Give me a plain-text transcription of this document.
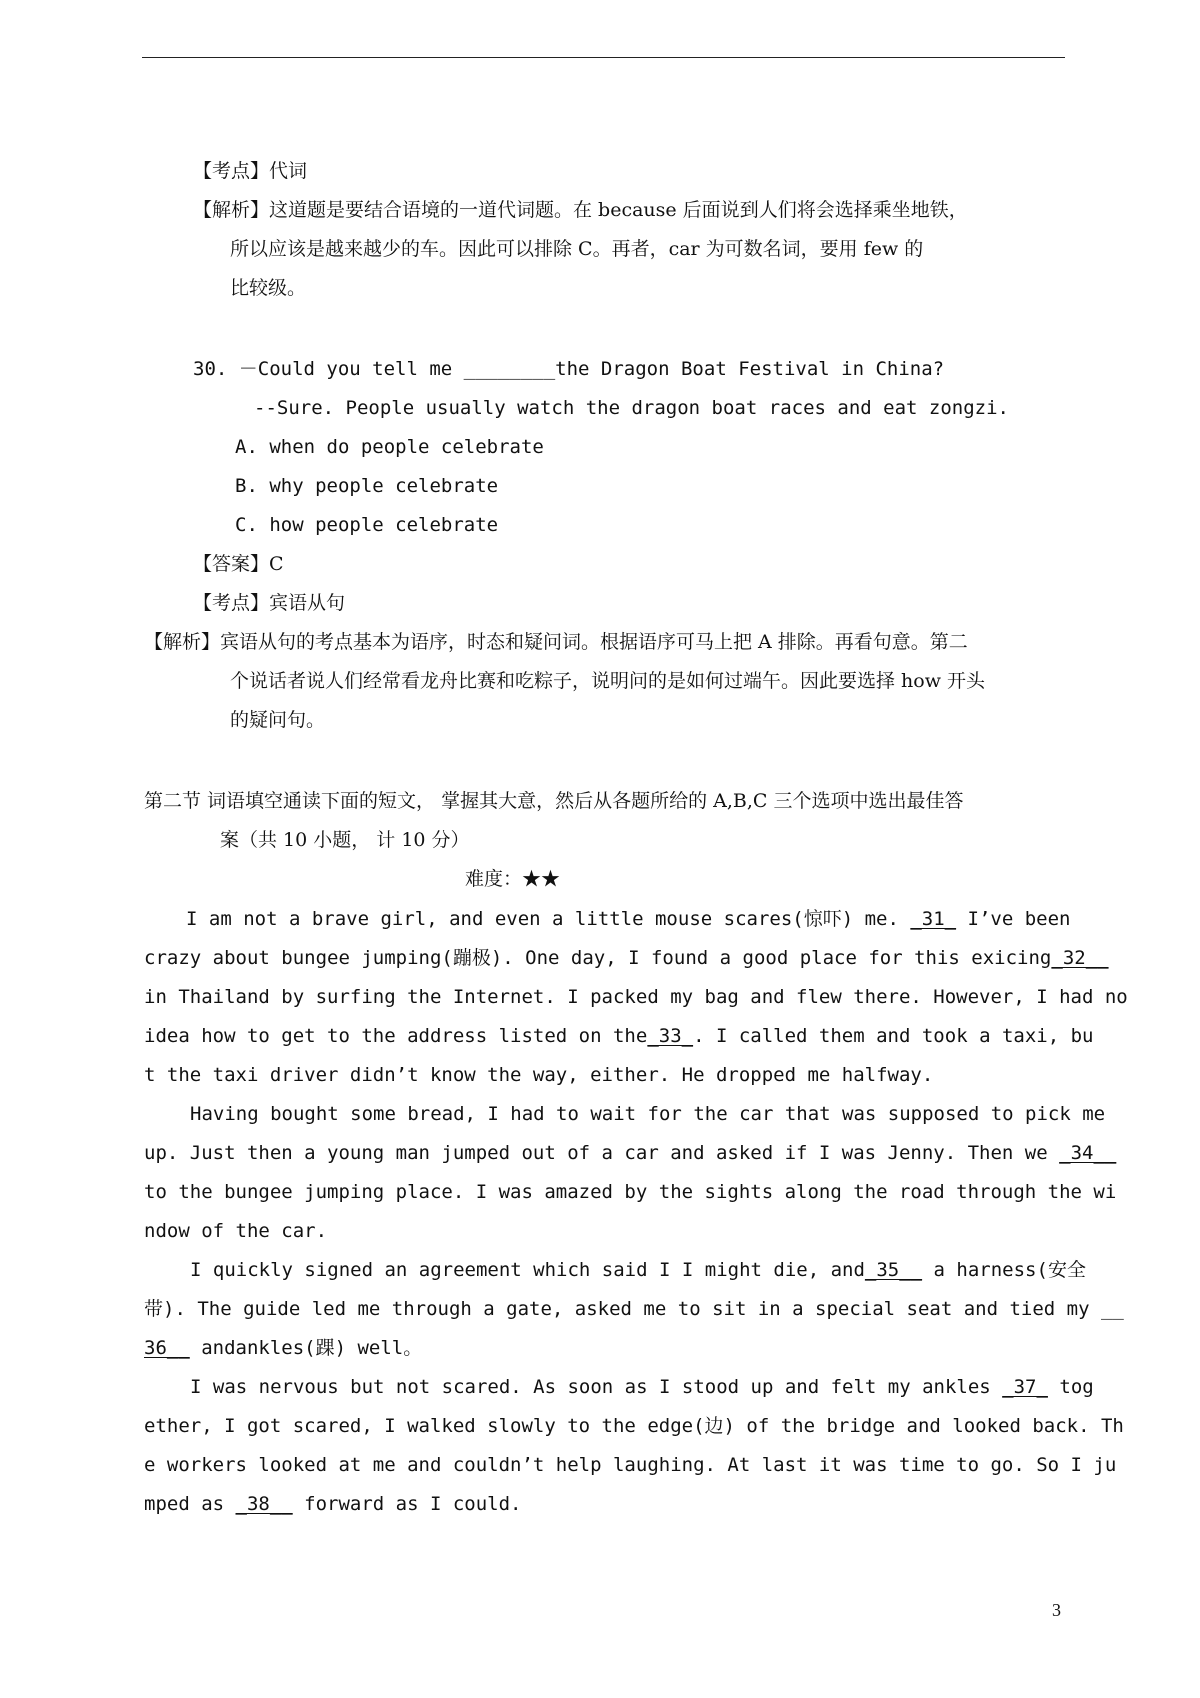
【考点】代词
【解析】这道题是要结合语境的一道代词题。在 because 后面说到人们将会选择乘坐地铁，
所以应该是越来越少的车。因此可以排除 C。再者，car 为可数名词，要用 few 的
比较级。
30. －Could you tell me ________the Dragon Boat Festival in China?
--Sure. People usually watch the dragon boat races and eat zongzi.
A. when do people celebrate
B. why people celebrate
C. how people celebrate
【答案】C
【考点】宾语从句
【解析】宾语从句的考点基本为语序，时态和疑问词。根据语序可马上把 A 排除。再看句意。第二
个说话者说人们经常看龙舟比赛和吃粽子，说明问的是如何过端午。因此要选择 how 开头
的疑问句。
第二节 词语填空通读下面的短文， 掌握其大意，然后从各题所给的 A,B,C 三个选项中选出最佳答
案（共 10 小题， 计 10 分）
难度：★★
I am not a brave girl, and even a little mouse scares(惊吓) me. _31_ I’ve been
crazy about bungee jumping(蹦极). One day, I found a good place for this exicing_32__
in Thailand by surfing the Internet. I packed my bag and flew there. However, I had no
idea how to get to the address listed on the_33_. I called them and took a taxi, bu
t the taxi driver didn’t know the way, either. He dropped me halfway.
Having bought some bread, I had to wait for the car that was supposed to pick me
up. Just then a young man jumped out of a car and asked if I was Jenny. Then we _34__
to the bungee jumping place. I was amazed by the sights along the road through the wi
ndow of the car.
I quickly signed an agreement which said I I might die, and_35__ a harness(安全
带). The guide led me through a gate, asked me to sit in a special seat and tied my __
36__ andankles(踝) well。
I was nervous but not scared. As soon as I stood up and felt my ankles _37_ tog
ether, I got scared, I walked slowly to the edge(边) of the bridge and looked back. Th
e workers looked at me and couldn’t help laughing. At last it was time to go. So I ju
mped as _38__ forward as I could.
3
